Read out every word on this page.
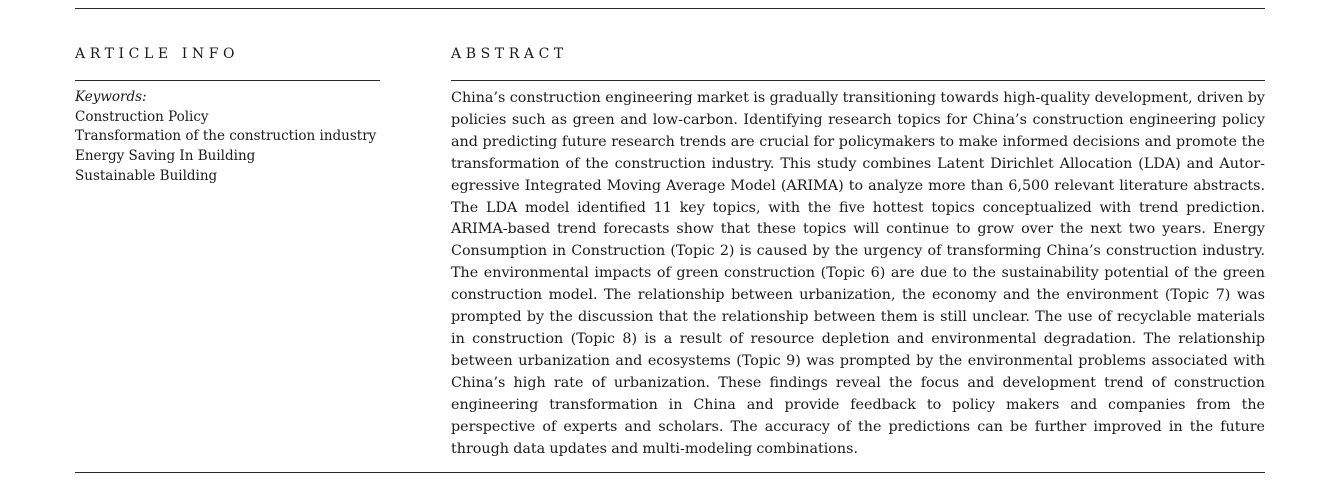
ARTICLE INFO
Keywords:
Construction Policy
Transformation of the construction industry
Energy Saving In Building
Sustainable Building
ABSTRACT

China’s construction engineering market is gradually transitioning towards high-quality development, driven by policies such as green and low-carbon. Identifying research topics for China’s construction engineering policy and predicting future research trends are crucial for policymakers to make informed decisions and promote the transformation of the construction industry. This study combines Latent Dirichlet Allocation (LDA) and Autoregressive Integrated Moving Average Model (ARIMA) to analyze more than 6,500 relevant literature abstracts. The LDA model identified 11 key topics, with the five hottest topics conceptualized with trend prediction. ARIMA-based trend forecasts show that these topics will continue to grow over the next two years. Energy Consumption in Construction (Topic 2) is caused by the urgency of transforming China’s construction industry. The environmental impacts of green construction (Topic 6) are due to the sustainability potential of the green construction model. The relationship between urbanization, the economy and the environment (Topic 7) was prompted by the discussion that the relationship between them is still unclear. The use of recyclable materials in construction (Topic 8) is a result of resource depletion and environmental degradation. The relationship between urbanization and ecosystems (Topic 9) was prompted by the environmental problems associated with China’s high rate of urbanization. These findings reveal the focus and development trend of construction engineering transformation in China and provide feedback to policy makers and companies from the perspective of experts and scholars. The accuracy of the predictions can be further improved in the future through data updates and multi-modeling combinations.
